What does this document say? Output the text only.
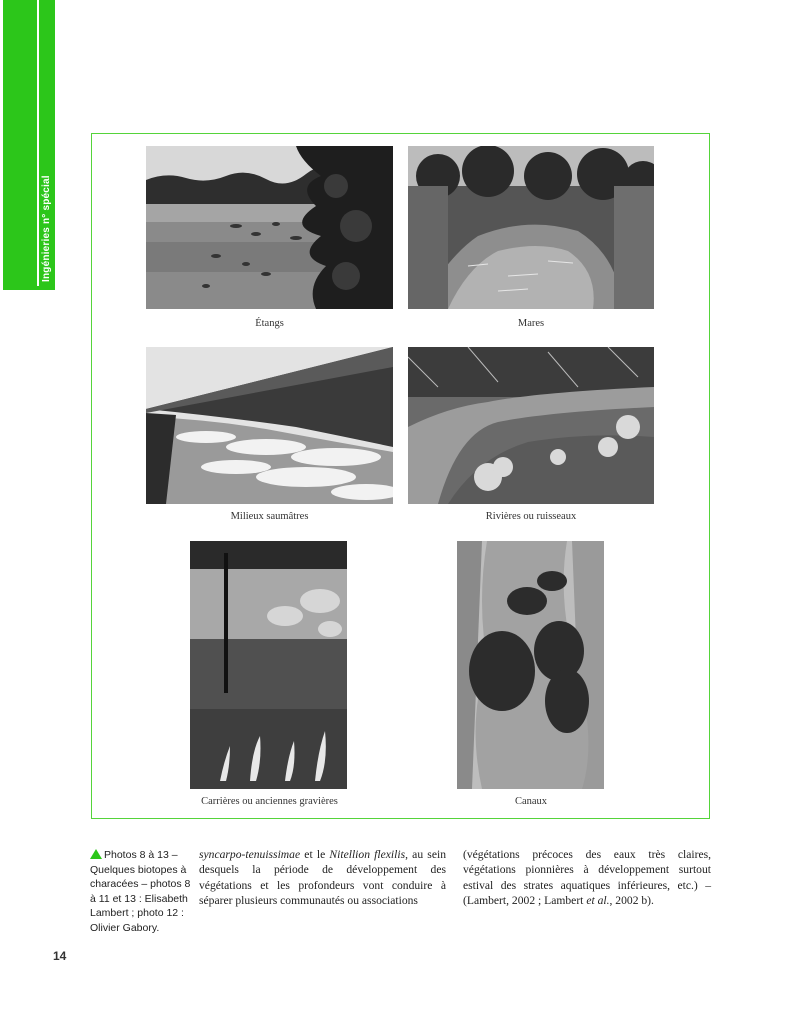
Ingénieries n° spécial
Étangs	Mares
Milieux saumâtres	Rivières ou ruisseaux
Carrières ou anciennes gravières	Canaux
Photos 8 à 13 – Quelques biotopes à characées – photos 8 à 11 et 13 : Elisabeth Lambert ; photo 12 : Olivier Gabory.
syncarpo-tenuissimae et le Nitellion flexilis, au sein desquels la période de développement des végétations et les profondeurs vont conduire à séparer plusieurs communautés ou associations
(végétations précoces des eaux très claires, végétations pionnières à développement surtout estival des strates aquatiques inférieures, etc.) – (Lambert, 2002 ; Lambert et al., 2002 b).
14
